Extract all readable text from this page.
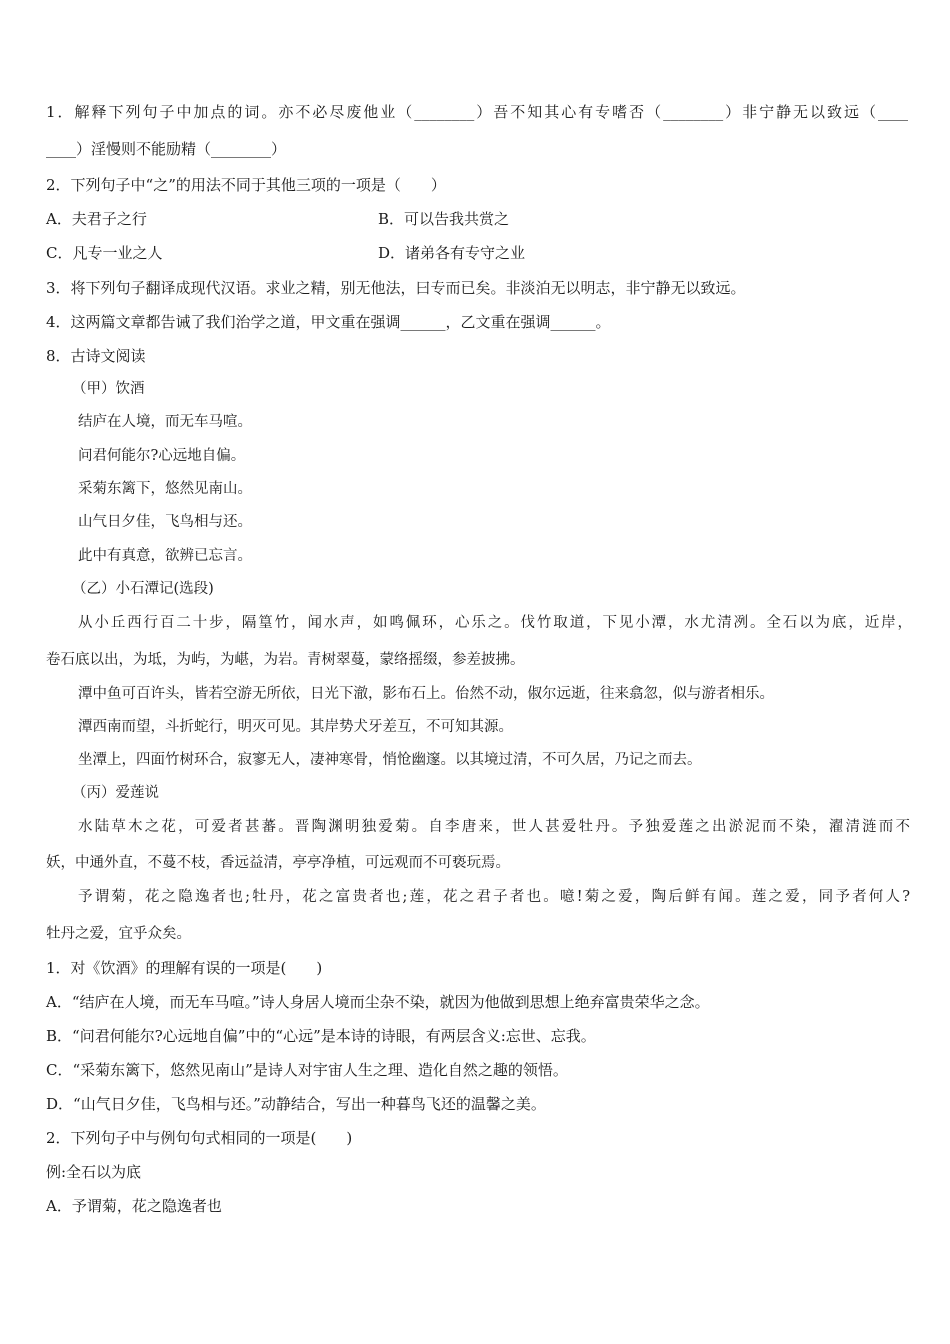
1．解释下列句子中加点的词。亦不必尽废他业（________）吾不知其心有专嗜否（________）非宁静无以致远（____
____）淫慢则不能励精（________）
2．下列句子中“之”的用法不同于其他三项的一项是（　　）
A．夫君子之行	B．可以告我共赏之
C．凡专一业之人	D．诸弟各有专守之业
3．将下列句子翻译成现代汉语。求业之精，别无他法，曰专而已矣。非淡泊无以明志，非宁静无以致远。
4．这两篇文章都告诫了我们治学之道，甲文重在强调______，乙文重在强调______。
8．古诗文阅读
（甲）饮酒
结庐在人境，而无车马喧。
问君何能尔?心远地自偏。
采菊东篱下，悠然见南山。
山气日夕佳，飞鸟相与还。
此中有真意，欲辨已忘言。
（乙）小石潭记(选段)
从小丘西行百二十步，隔篁竹，闻水声，如鸣佩环，心乐之。伐竹取道，下见小潭，水尤清冽。全石以为底，近岸，
卷石底以出，为坻，为屿，为嵁，为岩。青树翠蔓，蒙络摇缀，参差披拂。
潭中鱼可百许头，皆若空游无所依，日光下澈，影布石上。佁然不动，俶尔远逝，往来翕忽，似与游者相乐。
潭西南而望，斗折蛇行，明灭可见。其岸势犬牙差互，不可知其源。
坐潭上，四面竹树环合，寂寥无人，凄神寒骨，悄怆幽邃。以其境过清，不可久居，乃记之而去。
（丙）爱莲说
水陆草木之花，可爱者甚蕃。晋陶渊明独爱菊。自李唐来，世人甚爱牡丹。予独爱莲之出淤泥而不染，濯清涟而不
妖，中通外直，不蔓不枝，香远益清，亭亭净植，可远观而不可亵玩焉。
予谓菊，花之隐逸者也;牡丹，花之富贵者也;莲，花之君子者也。噫!菊之爱，陶后鲜有闻。莲之爱，同予者何人?
牡丹之爱，宜乎众矣。
1．对《饮酒》的理解有误的一项是(　　)
A．“结庐在人境，而无车马喧。”诗人身居人境而尘杂不染，就因为他做到思想上绝弃富贵荣华之念。
B．“问君何能尔?心远地自偏”中的“心远”是本诗的诗眼，有两层含义:忘世、忘我。
C．“采菊东篱下，悠然见南山”是诗人对宇宙人生之理、造化自然之趣的领悟。
D．“山气日夕佳，飞鸟相与还。”动静结合，写出一种暮鸟飞还的温馨之美。
2．下列句子中与例句句式相同的一项是(　　)
例:全石以为底
A．予谓菊，花之隐逸者也
